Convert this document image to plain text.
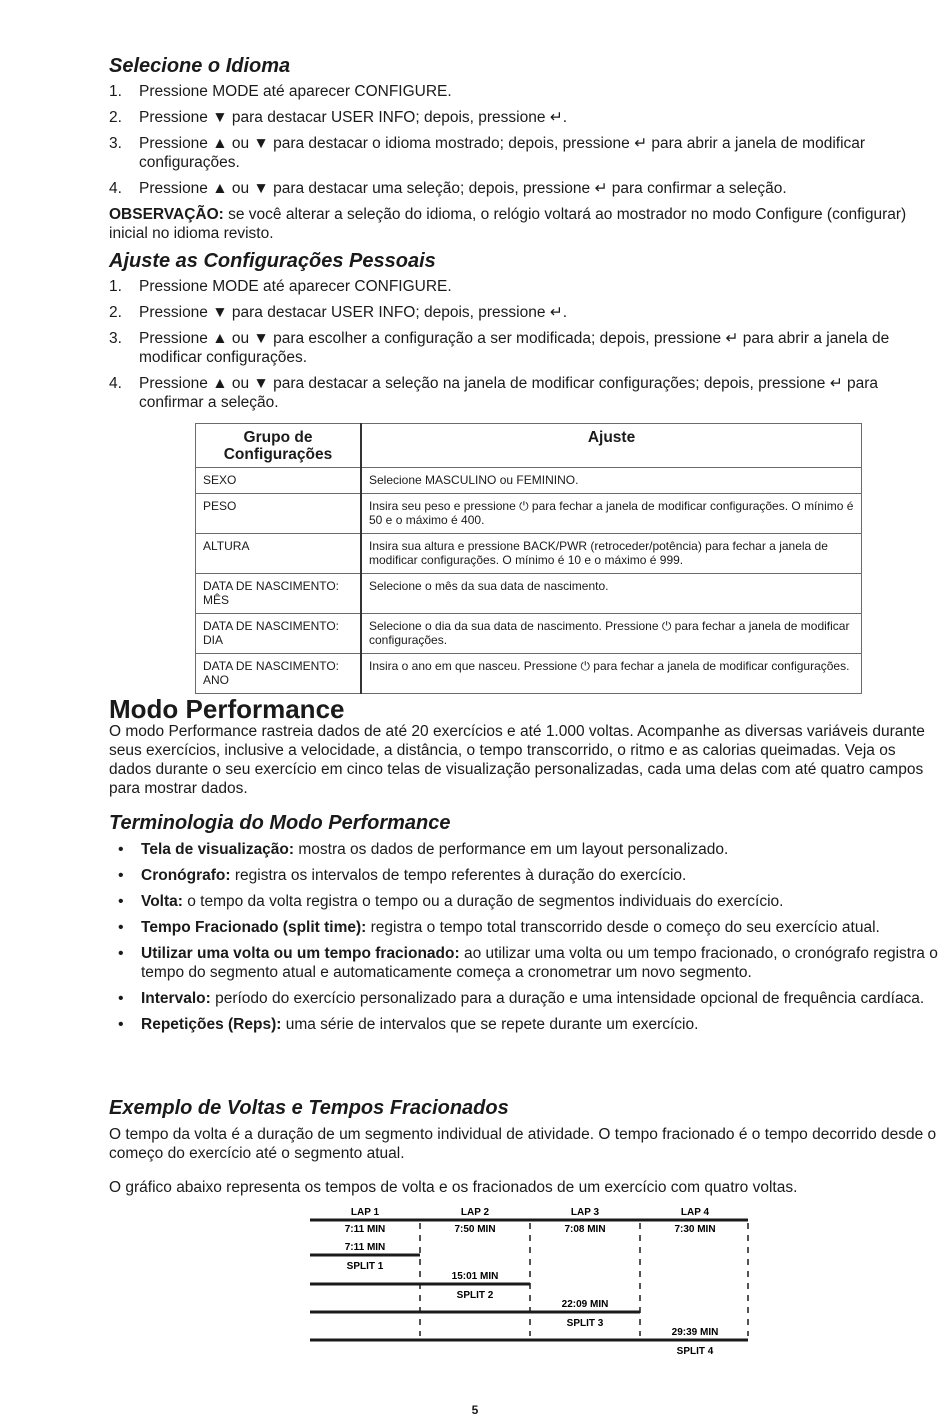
Selecione o Idioma
1. Pressione MODE até aparecer CONFIGURE.
2. Pressione ▼ para destacar USER INFO; depois, pressione ↵.
3. Pressione ▲ ou ▼ para destacar o idioma mostrado; depois, pressione ↵ para abrir a janela de modificar configurações.
4. Pressione ▲ ou ▼ para destacar uma seleção; depois, pressione ↵ para confirmar a seleção.

OBSERVAÇÃO: se você alterar a seleção do idioma, o relógio voltará ao mostrador no modo Configure (configurar) inicial no idioma revisto.

Ajuste as Configurações Pessoais
1. Pressione MODE até aparecer CONFIGURE.
2. Pressione ▼ para destacar USER INFO; depois, pressione ↵.
3. Pressione ▲ ou ▼ para escolher a configuração a ser modificada; depois, pressione ↵ para abrir a janela de modificar configurações.
4. Pressione ▲ ou ▼ para destacar a seleção na janela de modificar configurações; depois, pressione ↵ para confirmar a seleção.
Grupo de Configurações	Ajuste
SEXO	Selecione MASCULINO ou FEMININO.
PESO	Insira seu peso e pressione ⏻ para fechar a janela de modificar configurações. O mínimo é 50 e o máximo é 400.
ALTURA	Insira sua altura e pressione BACK/PWR (retroceder/potência) para fechar a janela de modificar configurações. O mínimo é 10 e o máximo é 999.
DATA DE NASCIMENTO: MÊS	Selecione o mês da sua data de nascimento.
DATA DE NASCIMENTO: DIA	Selecione o dia da sua data de nascimento. Pressione ⏻ para fechar a janela de modificar configurações.
DATA DE NASCIMENTO: ANO	Insira o ano em que nasceu. Pressione ⏻ para fechar a janela de modificar configurações.
Modo Performance

O modo Performance rastreia dados de até 20 exercícios e até 1.000 voltas. Acompanhe as diversas variáveis durante seus exercícios, inclusive a velocidade, a distância, o tempo transcorrido, o ritmo e as calorias queimadas. Veja os dados durante o seu exercício em cinco telas de visualização personalizadas, cada uma delas com até quatro campos para mostrar dados.

Terminologia do Modo Performance
• Tela de visualização: mostra os dados de performance em um layout personalizado.
• Cronógrafo: registra os intervalos de tempo referentes à duração do exercício.
• Volta: o tempo da volta registra o tempo ou a duração de segmentos individuais do exercício.
• Tempo Fracionado (split time): registra o tempo total transcorrido desde o começo do seu exercício atual.
• Utilizar uma volta ou um tempo fracionado: ao utilizar uma volta ou um tempo fracionado, o cronógrafo registra o tempo do segmento atual e automaticamente começa a cronometrar um novo segmento.
• Intervalo: período do exercício personalizado para a duração e uma intensidade opcional de frequência cardíaca.
• Repetições (Reps): uma série de intervalos que se repete durante um exercício.
Exemplo de Voltas e Tempos Fracionados

O tempo da volta é a duração de um segmento individual de atividade. O tempo fracionado é o tempo decorrido desde o começo do exercício até o segmento atual.

O gráfico abaixo representa os tempos de volta e os fracionados de um exercício com quatro voltas.

LAP 1
7:11 MIN
LAP 2
7:50 MIN
LAP 3
7:08 MIN
LAP 4
7:30 MIN
7:11 MIN
SPLIT 1
15:01 MIN
SPLIT 2
22:09 MIN
SPLIT 3
29:39 MIN
SPLIT 4
5
